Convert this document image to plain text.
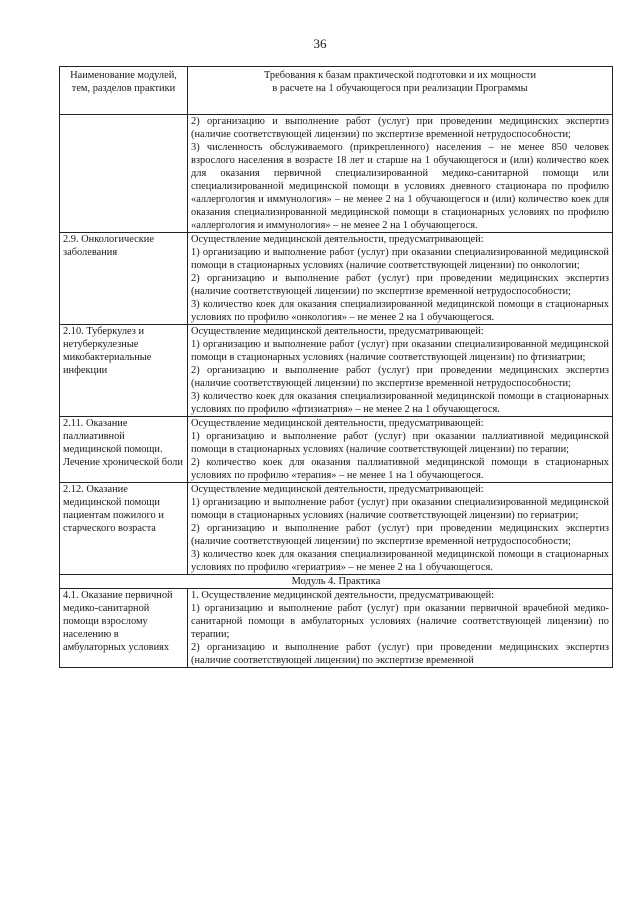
36
Наименование модулей, тем, разделов практики	Требования к базам практической подготовки и их мощности
в расчете на 1 обучающегося при реализации Программы

	2) организацию и выполнение работ (услуг) при проведении медицинских экспертиз (наличие соответствующей лицензии) по экспертизе временной нетрудоспособности;

3) численность обслуживаемого (прикрепленного) населения – не менее 850 человек взрослого населения в возрасте 18 лет и старше на 1 обучающегося и (или) количество коек для оказания первичной специализированной медико-санитарной помощи или специализированной медицинской помощи в условиях дневного стационара по профилю «аллергология и иммунология» – не менее 2 на 1 обучающегося и (или) количество коек для оказания специализированной медицинской помощи в стационарных условиях по профилю «аллергология и иммунология» – не менее 2 на 1 обучающегося.

2.9. Онкологические заболевания	Осуществление медицинской деятельности, предусматривающей:

1) организацию и выполнение работ (услуг) при оказании специализированной медицинской помощи в стационарных условиях (наличие соответствующей лицензии) по онкологии;

2) организацию и выполнение работ (услуг) при проведении медицинских экспертиз (наличие соответствующей лицензии) по экспертизе временной нетрудоспособности;

3) количество коек для оказания специализированной медицинской помощи в стационарных условиях по профилю «онкология» – не менее 2 на 1 обучающегося.

2.10. Туберкулез и нетуберкулезные микобактериальные инфекции	Осуществление медицинской деятельности, предусматривающей:

1) организацию и выполнение работ (услуг) при оказании специализированной медицинской помощи в стационарных условиях (наличие соответствующей лицензии) по фтизиатрии;

2) организацию и выполнение работ (услуг) при проведении медицинских экспертиз (наличие соответствующей лицензии) по экспертизе временной нетрудоспособности;

3) количество коек для оказания специализированной медицинской помощи в стационарных условиях по профилю «фтизиатрия» – не менее 2 на 1 обучающегося.

2.11. Оказание паллиативной медицинской помощи. Лечение хронической боли	Осуществление медицинской деятельности, предусматривающей:

1) организацию и выполнение работ (услуг) при оказании паллиативной медицинской помощи в стационарных условиях (наличие соответствующей лицензии) по терапии;

2) количество коек для оказания паллиативной медицинской помощи в стационарных условиях по профилю «терапия» – не менее 1 на 1 обучающегося.

2.12. Оказание медицинской помощи пациентам пожилого и старческого возраста	Осуществление медицинской деятельности, предусматривающей:

1) организацию и выполнение работ (услуг) при оказании специализированной медицинской помощи в стационарных условиях (наличие соответствующей лицензии) по гериатрии;

2) организацию и выполнение работ (услуг) при проведении медицинских экспертиз (наличие соответствующей лицензии) по экспертизе временной нетрудоспособности;

3) количество коек для оказания специализированной медицинской помощи в стационарных условиях по профилю «гериатрия» – не менее 2 на 1 обучающегося.

Модуль 4. Практика	

4.1. Оказание первичной медико-санитарной помощи взрослому населению в амбулаторных условиях	1. Осуществление медицинской деятельности, предусматривающей:

1) организацию и выполнение работ (услуг) при оказании первичной врачебной медико-санитарной помощи в амбулаторных условиях (наличие соответствующей лицензии) по терапии;

2) организацию и выполнение работ (услуг) при проведении медицинских экспертиз (наличие соответствующей лицензии) по экспертизе временной
